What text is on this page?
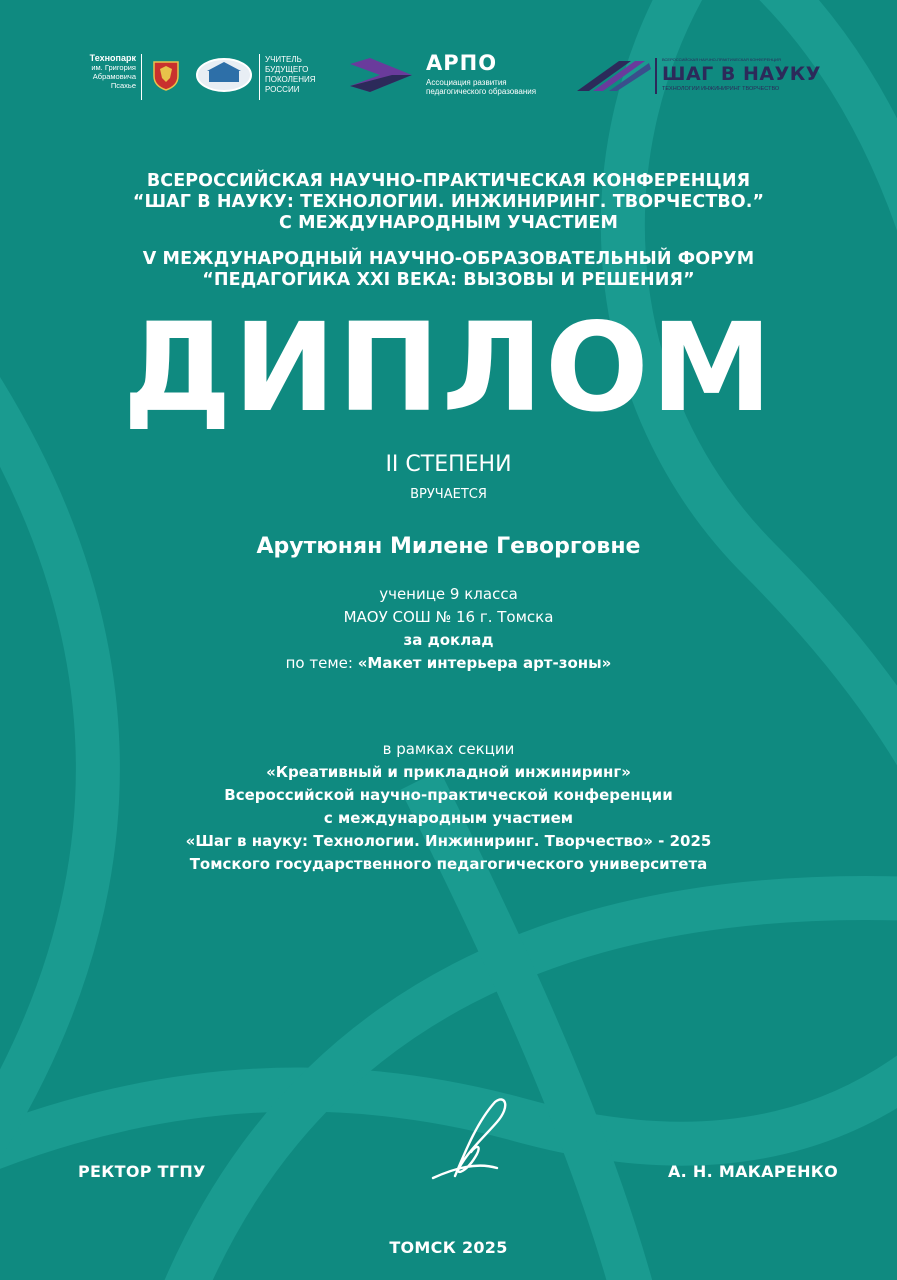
Технопарк
им. Григория
Абрамовича
Псахье
УЧИТЕЛЬ
БУДУЩЕГО
ПОКОЛЕНИЯ
РОССИИ
АРПО
Ассоциация развития
педагогического образования
ВСЕРОССИЙСКАЯ НАУЧНО-ПРАКТИЧЕСКАЯ КОНФЕРЕНЦИЯ
ШАГ В НАУКУ
ТЕХНОЛОГИИ ИНЖИНИРИНГ ТВОРЧЕСТВО
ВСЕРОССИЙСКАЯ НАУЧНО-ПРАКТИЧЕСКАЯ КОНФЕРЕНЦИЯ
“ШАГ В НАУКУ: ТЕХНОЛОГИИ. ИНЖИНИРИНГ. ТВОРЧЕСТВО.”
С МЕЖДУНАРОДНЫМ УЧАСТИЕМ
V МЕЖДУНАРОДНЫЙ НАУЧНО-ОБРАЗОВАТЕЛЬНЫЙ ФОРУМ
“ПЕДАГОГИКА XXI ВЕКА: ВЫЗОВЫ И РЕШЕНИЯ”
ДИПЛОМ
II СТЕПЕНИ
ВРУЧАЕТСЯ
Арутюнян Милене Геворговне
ученице 9 класса
МАОУ СОШ № 16 г. Томска
за доклад
по теме: «Макет интерьера арт-зоны»
в рамках секции
«Креативный и прикладной инжиниринг»
Всероссийской научно-практической конференции
с международным участием
«Шаг в науку: Технологии. Инжиниринг. Творчество» - 2025
Томского государственного педагогического университета
РЕКТОР ТГПУ	А. Н. МАКАРЕНКО
ТОМСК 2025
